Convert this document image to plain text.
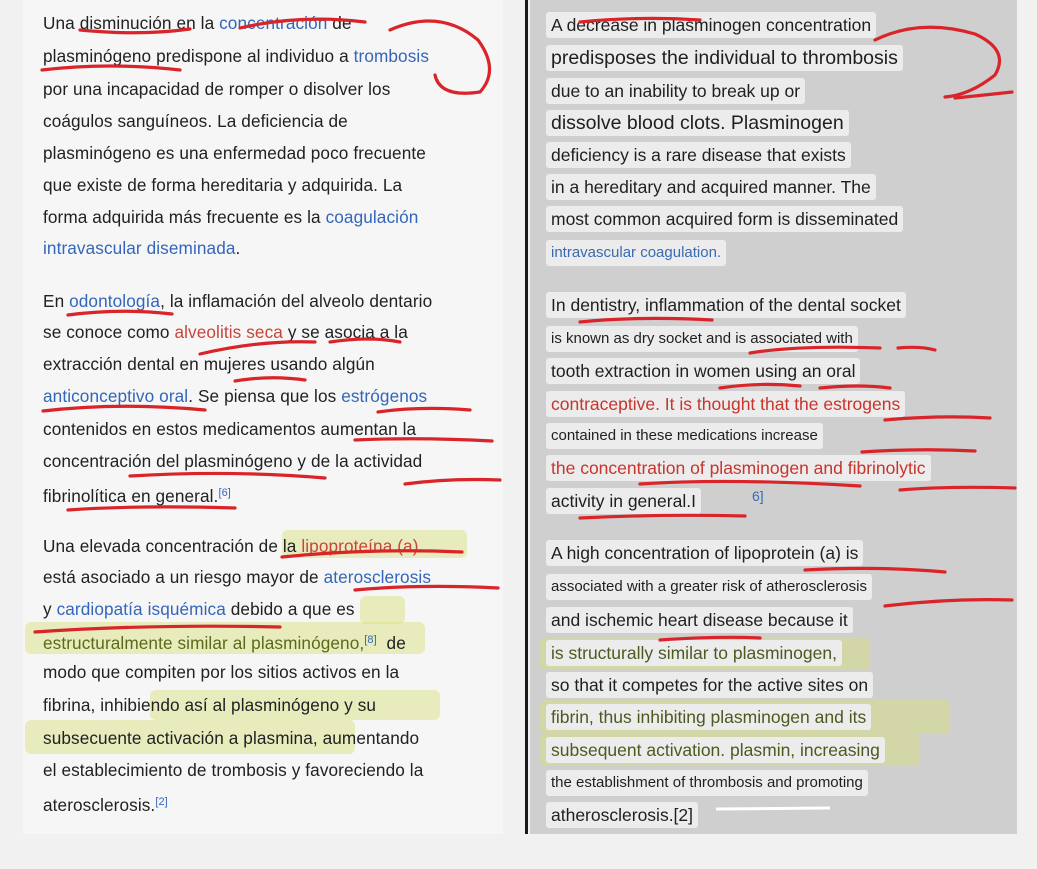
Una disminución en la concentración de
plasminógeno predispone al individuo a trombosis
por una incapacidad de romper o disolver los
coágulos sanguíneos. La deficiencia de
plasminógeno es una enfermedad poco frecuente
que existe de forma hereditaria y adquirida. La
forma adquirida más frecuente es la coagulación
intravascular diseminada.
En odontología, la inflamación del alveolo dentario
se conoce como alveolitis seca y se asocia a la
extracción dental en mujeres usando algún
anticonceptivo oral. Se piensa que los estrógenos
contenidos en estos medicamentos aumentan la
concentración del plasminógeno y de la actividad
fibrinolítica en general.[6]
Una elevada concentración de la lipoproteína (a)
está asociado a un riesgo mayor de aterosclerosis
y cardiopatía isquémica debido a que es
estructuralmente similar al plasminógeno,[8]  de
modo que compiten por los sitios activos en la
fibrina, inhibiendo así al plasminógeno y su
subsecuente activación a plasmina, aumentando
el establecimiento de trombosis y favoreciendo la
aterosclerosis.[2]
A decrease in plasminogen concentration
predisposes the individual to thrombosis
due to an inability to break up or
dissolve blood clots. Plasminogen
deficiency is a rare disease that exists
in a hereditary and acquired manner. The
most common acquired form is disseminated
intravascular coagulation.
In dentistry, inflammation of the dental socket
is known as dry socket and is associated with
tooth extraction in women using an oral
contraceptive. It is thought that the estrogens
contained in these medications increase
the concentration of plasminogen and fibrinolytic
activity in general.I	6]
A high concentration of lipoprotein (a) is
associated with a greater risk of atherosclerosis
and ischemic heart disease because it
is structurally similar to plasminogen,
so that it competes for the active sites on
fibrin, thus inhibiting plasminogen and its
subsequent activation. plasmin, increasing
the establishment of thrombosis and promoting
atherosclerosis.[2]
